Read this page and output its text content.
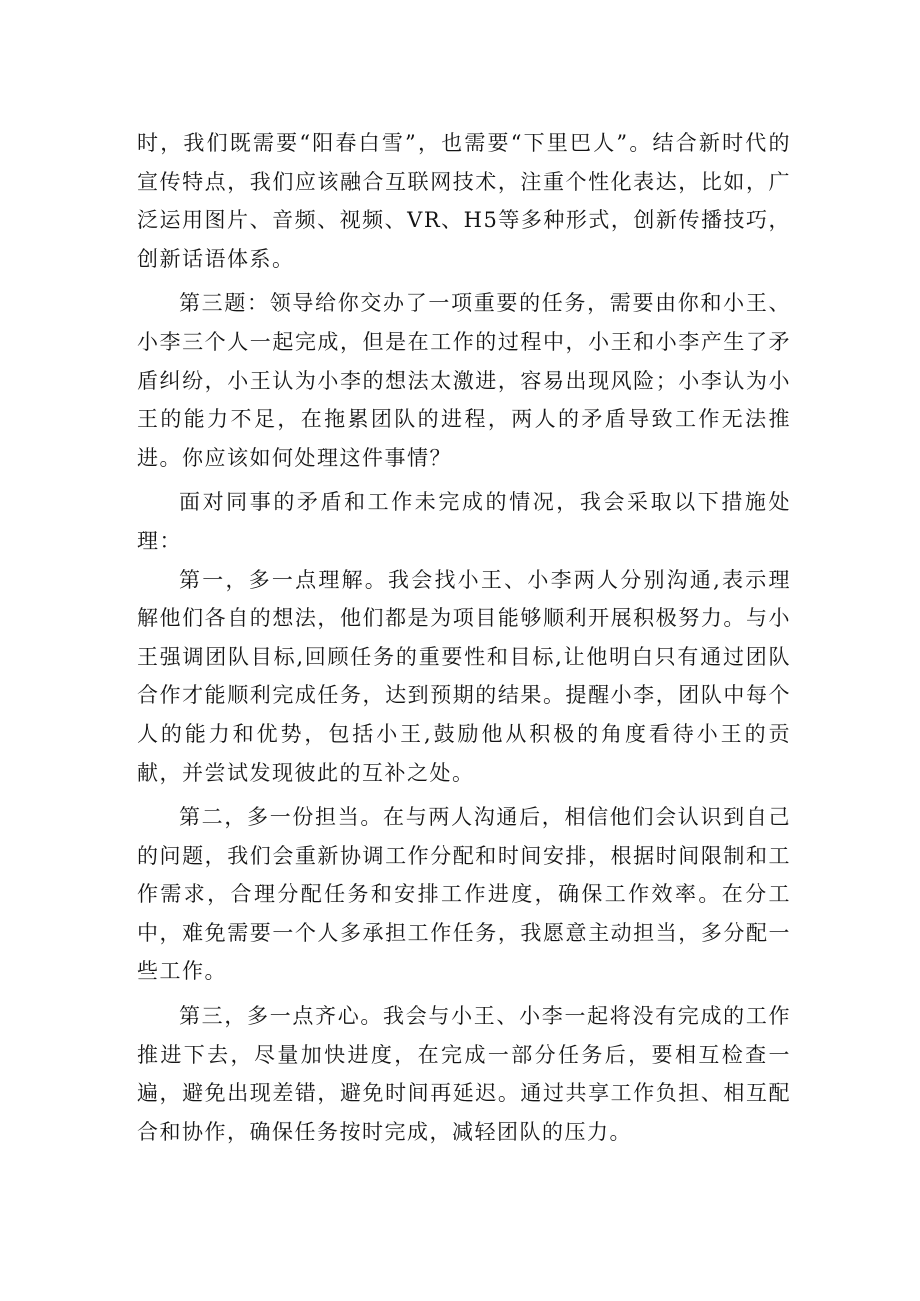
时，我们既需要“阳春白雪”，也需要“下里巴人”。结合新时代的宣传特点，我们应该融合互联网技术，注重个性化表达，比如，广泛运用图片、音频、视频、VR、H5等多种形式，创新传播技巧，创新话语体系。

第三题：领导给你交办了一项重要的任务，需要由你和小王、小李三个人一起完成，但是在工作的过程中，小王和小李产生了矛盾纠纷，小王认为小李的想法太激进，容易出现风险；小李认为小王的能力不足，在拖累团队的进程，两人的矛盾导致工作无法推进。你应该如何处理这件事情？

面对同事的矛盾和工作未完成的情况，我会采取以下措施处理：

第一，多一点理解。我会找小王、小李两人分别沟通,表示理解他们各自的想法，他们都是为项目能够顺利开展积极努力。与小王强调团队目标,回顾任务的重要性和目标,让他明白只有通过团队合作才能顺利完成任务，达到预期的结果。提醒小李，团队中每个人的能力和优势，包括小王,鼓励他从积极的角度看待小王的贡献，并尝试发现彼此的互补之处。

第二，多一份担当。在与两人沟通后，相信他们会认识到自己的问题，我们会重新协调工作分配和时间安排，根据时间限制和工作需求，合理分配任务和安排工作进度，确保工作效率。在分工中，难免需要一个人多承担工作任务，我愿意主动担当，多分配一些工作。

第三，多一点齐心。我会与小王、小李一起将没有完成的工作推进下去，尽量加快进度，在完成一部分任务后，要相互检查一遍，避免出现差错，避免时间再延迟。通过共享工作负担、相互配合和协作，确保任务按时完成，减轻团队的压力。
